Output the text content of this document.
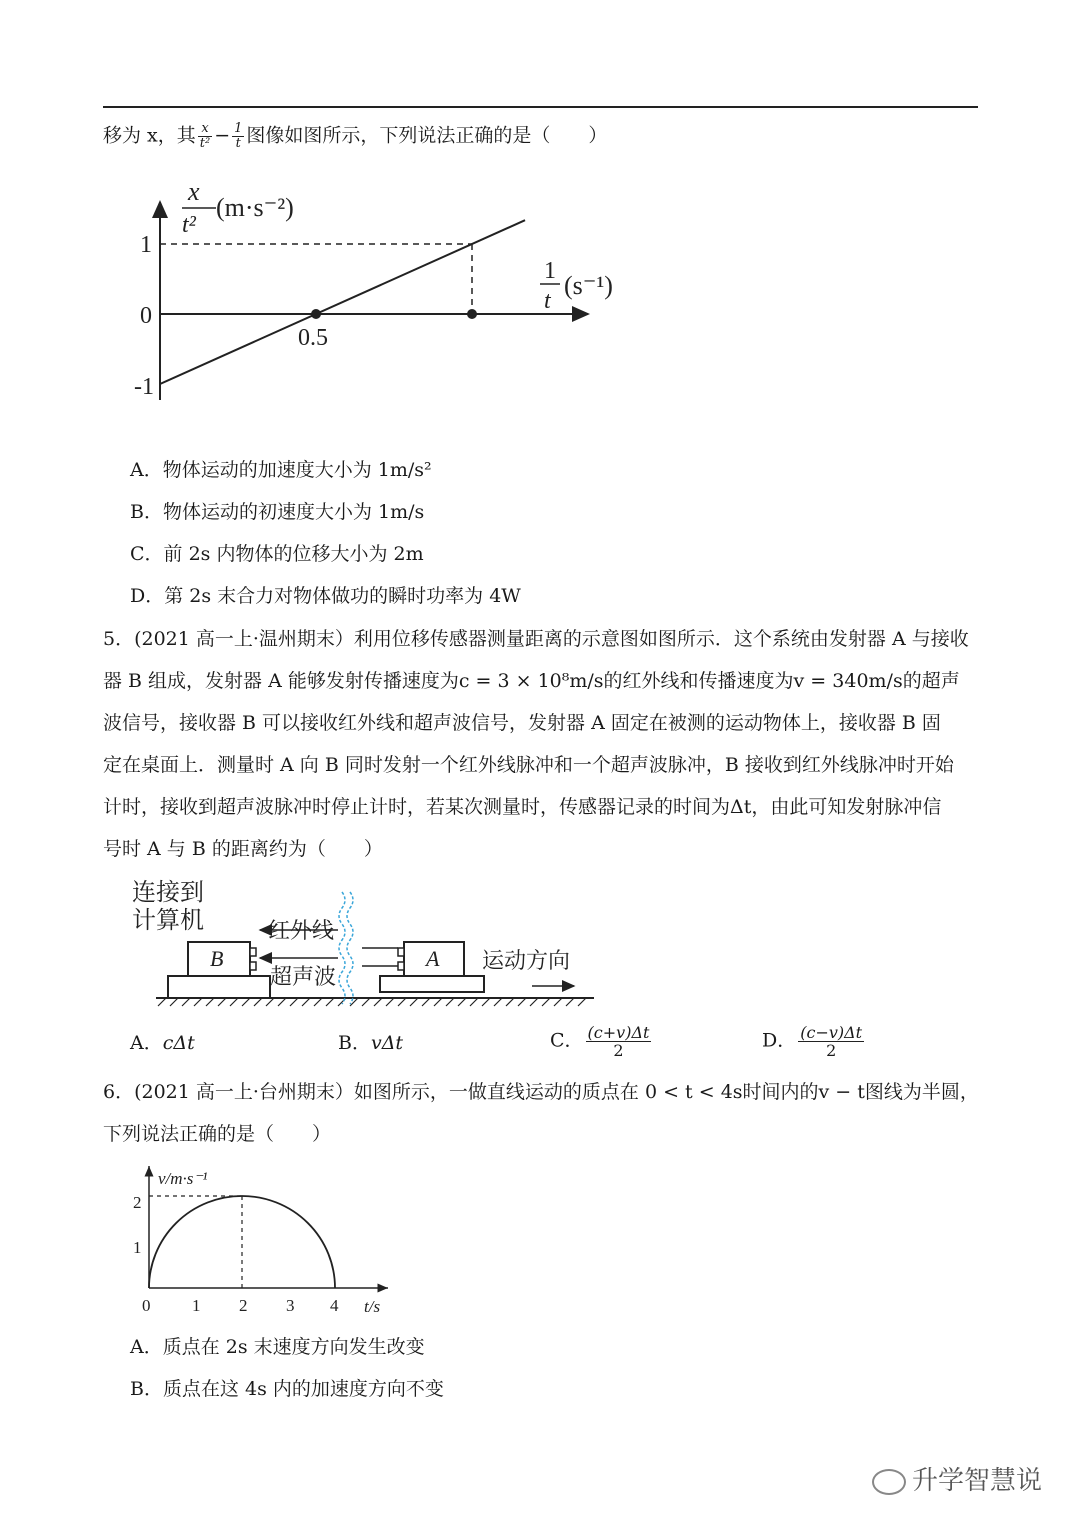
移为 x，其 $\frac{x}{\text{t²}} - \frac{1}{t}$ 图像如图所示，下列说法正确的是（　　）
1
0
-1
0.5
x
t²
(m·s⁻²)
1
t
(s⁻¹)
A．物体运动的加速度大小为 1m/s²
B．物体运动的初速度大小为 1m/s
C．前 2s 内物体的位移大小为 2m
D．第 2s 末合力对物体做功的瞬时功率为 4W
5．(2021 高一上·温州期末）利用位移传感器测量距离的示意图如图所示．这个系统由发射器 A 与接收
器 B 组成，发射器 A 能够发射传播速度为c = 3 × 10⁸m/s的红外线和传播速度为v = 340m/s的超声
波信号，接收器 B 可以接收红外线和超声波信号，发射器 A 固定在被测的运动物体上，接收器 B 固
定在桌面上．测量时 A 向 B 同时发射一个红外线脉冲和一个超声波脉冲，B 接收到红外线脉冲时开始
计时，接收到超声波脉冲时停止计时，若某次测量时，传感器记录的时间为Δt，由此可知发射脉冲信
号时 A 与 B 的距离约为（　　）
连接到
计算机
B	A
红外线
超声波
运动方向
A．cΔt	B．vΔt	C． $\frac{(c+v)\Delta t}{2}$	D． $\frac{(c-v)\Delta t}{2}$
6．(2021 高一上·台州期末）如图所示，一做直线运动的质点在 0 < t < 4s时间内的v − t图线为半圆，
下列说法正确的是（　　）
v/m·s⁻¹
t/s
2
1
0 1 2 3 4
A．质点在 2s 末速度方向发生改变
B．质点在这 4s 内的加速度方向不变
升学智慧说
